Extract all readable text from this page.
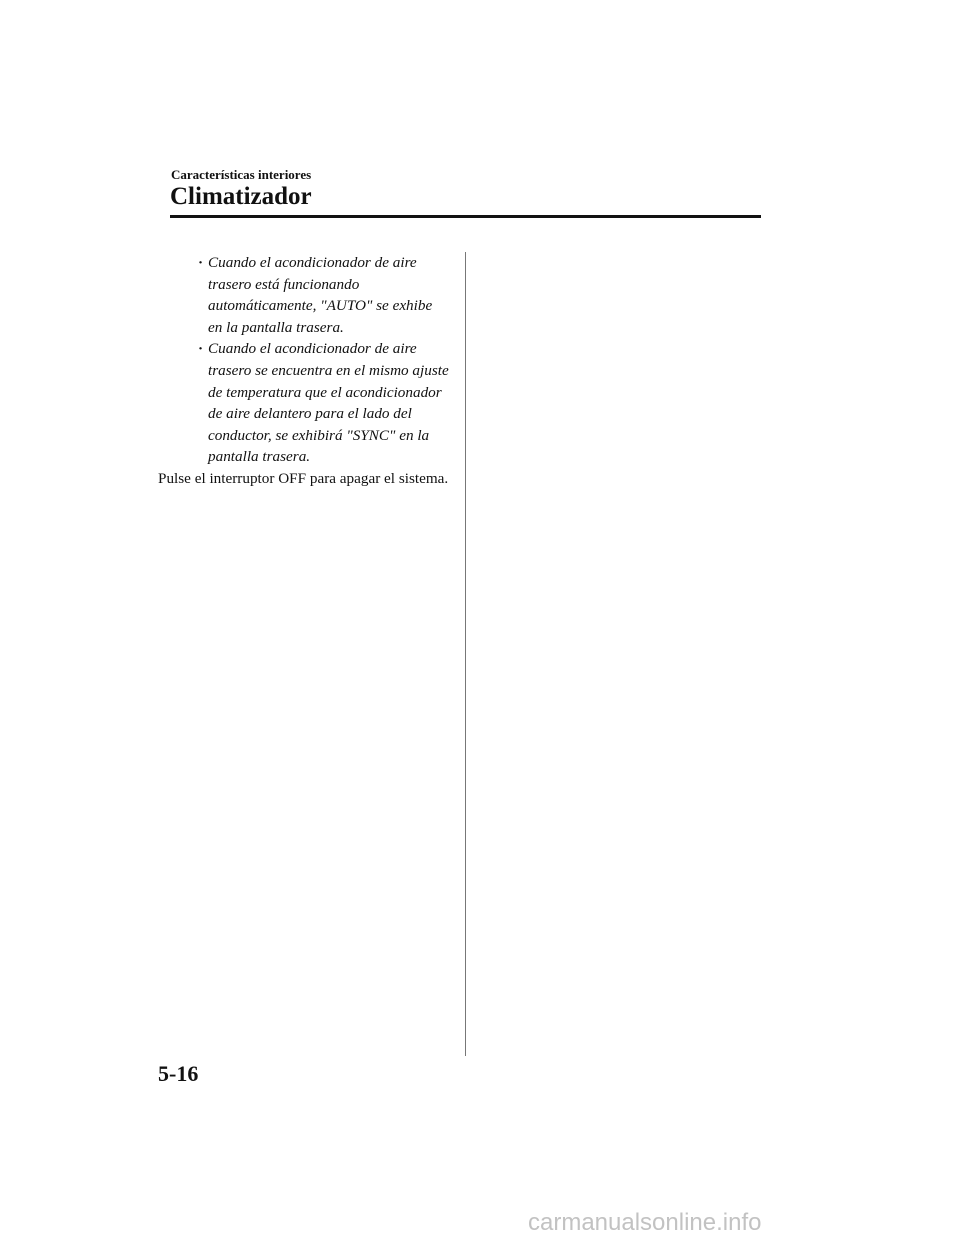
Características interiores
Climatizador
·
Cuando el acondicionador de aire trasero está funcionando automáticamente, "AUTO" se exhibe en la pantalla trasera.
·
Cuando el acondicionador de aire trasero se encuentra en el mismo ajuste de temperatura que el acondicionador de aire delantero para el lado del conductor, se exhibirá "SYNC" en la pantalla trasera.

Pulse el interruptor OFF para apagar el sistema.

5-16
carmanualsonline.info
